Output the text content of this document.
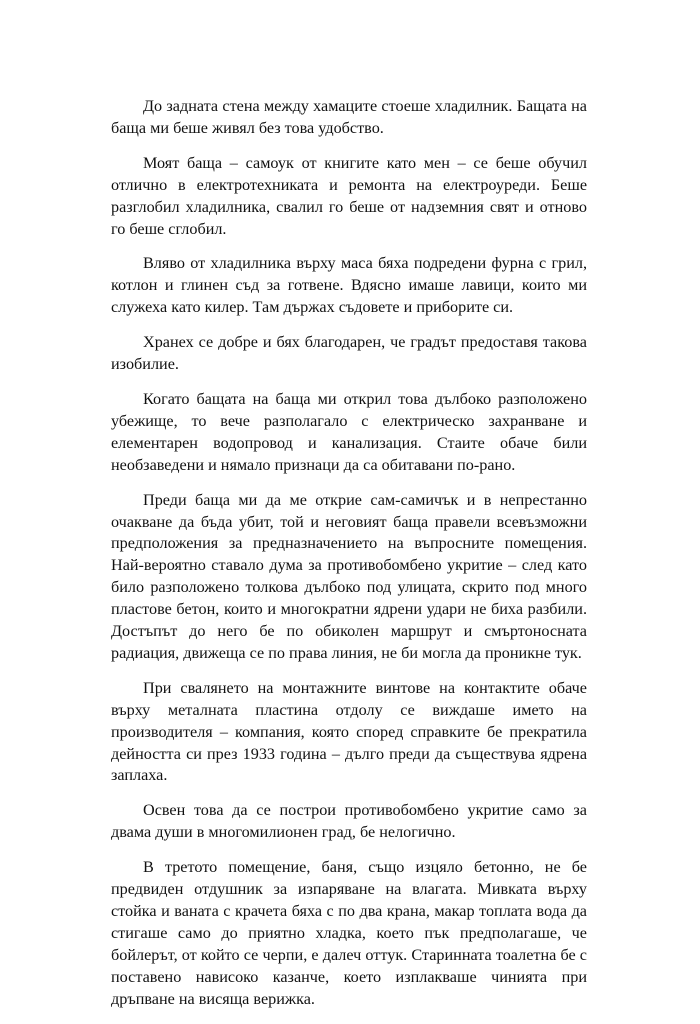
До задната стена между хамаците стоеше хладилник. Бащата на баща ми беше живял без това удобство.

Моят баща – самоук от книгите като мен – се беше обучил отлично в електротехниката и ремонта на електроуреди. Беше разглобил хладилника, свалил го беше от надземния свят и отново го беше сглобил.

Вляво от хладилника върху маса бяха подредени фурна с грил, котлон и глинен съд за готвене. Вдясно имаше лавици, които ми служеха като килер. Там държах съдовете и приборите си.

Хранех се добре и бях благодарен, че градът предоставя такова изобилие.

Когато бащата на баща ми открил това дълбоко разположено убежище, то вече разполагало с електрическо захранване и елементарен водопровод и канализация. Стаите обаче били необзаведени и нямало признаци да са обитавани по-рано.

Преди баща ми да ме открие сам-самичък и в непрестанно очакване да бъда убит, той и неговият баща правели всевъзможни предположения за предназначението на въпросните помещения. Най-вероятно ставало дума за противобомбено укритие – след като било разположено толкова дълбоко под улицата, скрито под много пластове бетон, които и многократни ядрени удари не биха разбили. Достъпът до него бе по обиколен маршрут и смъртоносната радиация, движеща се по права линия, не би могла да проникне тук.

При свалянето на монтажните винтове на контактите обаче върху металната пластина отдолу се виждаше името на производителя – компания, която според справките бе прекратила дейността си през 1933 година – дълго преди да съществува ядрена заплаха.

Освен това да се построи противобомбено укритие само за двама души в многомилионен град, бе нелогично.

В третото помещение, баня, също изцяло бетонно, не бе предвиден отдушник за изпаряване на влагата. Мивката върху стойка и ваната с крачета бяха с по два крана, макар топлата вода да стигаше само до приятно хладка, което пък предполагаше, че бойлерът, от който се черпи, е далеч оттук. Старинната тоалетна бе с поставено нависоко казанче, което изплакваше чинията при дръпване на висяща верижка.
